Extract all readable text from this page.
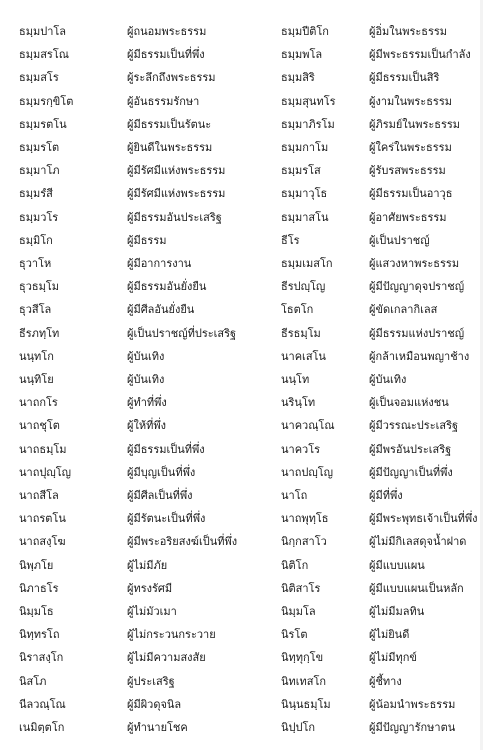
ธมฺมปาโล	ผู้ถนอมพระธรรม	ธมฺมปีติโก	ผู้อิ่มในพระธรรม
ธมฺมสรโณ	ผู้มีธรรมเป็นที่พึ่ง	ธมฺมพโล	ผู้มีพระธรรมเป็นกำลัง
ธมฺมสโร	ผู้ระลึกถึงพระธรรม	ธมฺมสิริ	ผู้มีธรรมเป็นสิริ
ธมฺมรกฺขิโต	ผู้อันธรรมรักษา	ธมฺมสุนทโร	ผู้งามในพระธรรม
ธมฺมรตโน	ผู้มีธรรมเป็นรัตนะ	ธมฺมาภิรโม	ผู้ภิรมย์ในพระธรรม
ธมฺมรโต	ผู้ยินดีในพระธรรม	ธมฺมกาโม	ผู้ใคร่ในพระธรรม
ธมฺมาโภ	ผู้มีรัศมีแห่งพระธรรม	ธมฺมรโส	ผู้รับรสพระธรรม
ธมฺมรํสี	ผู้มีรัศมีแห่งพระธรรม	ธมฺมาวุโธ	ผู้มีธรรมเป็นอาวุธ
ธมฺมวโร	ผู้มีธรรมอันประเสริฐ	ธมฺมาสโน	ผู้อาศัยพระธรรม
ธมฺมิโก	ผู้มีธรรม	ธีโร	ผู้เป็นปราชญ์
ธุวาโห	ผู้มีอาการงาน	ธมฺมเมสโก	ผู้แสวงหาพระธรรม
ธุวธมฺโม	ผู้มีธรรมอันยั่งยืน	ธีรปญฺโญ	ผู้มีปัญญาดุจปราชญ์
ธุวสีโล	ผู้มีศีลอันยั่งยืน	โธตโก	ผู้ขัดเกลากิเลส
ธีรภทฺโท	ผู้เป็นปราชญ์ที่ประเสริฐ	ธีรธมฺโม	ผู้มีธรรมแห่งปราชญ์
นนฺทโก	ผู้บันเทิง	นาคเสโน	ผู้กล้าเหมือนพญาช้าง
นนฺทิโย	ผู้บันเทิง	นนฺโท	ผู้บันเทิง
นาถกโร	ผู้ทำที่พึ่ง	นรินฺโท	ผู้เป็นจอมแห่งชน
นาถชุโต	ผู้ให้ที่พึ่ง	นาควณฺโณ	ผู้มีวรรณะประเสริฐ
นาถธมฺโม	ผู้มีธรรมเป็นที่พึ่ง	นาควโร	ผู้มีพรอันประเสริฐ
นาถปุญฺโญ	ผู้มีบุญเป็นที่พึ่ง	นาถปญฺโญ	ผู้มีปัญญาเป็นที่พึ่ง
นาถสีโล	ผู้มีศีลเป็นที่พึ่ง	นาโถ	ผู้มีที่พึ่ง
นาถรตโน	ผู้มีรัตนะเป็นที่พึ่ง	นาถพุทฺโธ	ผู้มีพระพุทธเจ้าเป็นที่พึ่ง
นาถสงฺโฆ	ผู้มีพระอริยสงฆ์เป็นที่พึ่ง	นิกฺกสาโว	ผู้ไม่มีกิเลสดุจน้ำฝาด
นิพฺภโย	ผู้ไม่มีภัย	นิติโก	ผู้มีแบบแผน
นิภาธโร	ผู้ทรงรัศมี	นิติสาโร	ผู้มีแบบแผนเป็นหลัก
นิมฺมโธ	ผู้ไม่มัวเมา	นิมฺมโล	ผู้ไม่มีมลทิน
นิทฺทรโถ	ผู้ไม่กระวนกระวาย	นิรโต	ผู้ไม่ยินดี
นิราสงฺโก	ผู้ไม่มีความสงสัย	นิทฺทุกฺโข	ผู้ไม่มีทุกข์
นิสโภ	ผู้ประเสริฐ	นิทเทสโก	ผู้ชี้ทาง
นีลวณฺโณ	ผู้มีผิวดุจนิล	นินฺนธมฺโม	ผู้น้อมนำพระธรรม
เนมิตฺตโก	ผู้ทำนายโชค	นิปฺปโก	ผู้มีปัญญารักษาตน
